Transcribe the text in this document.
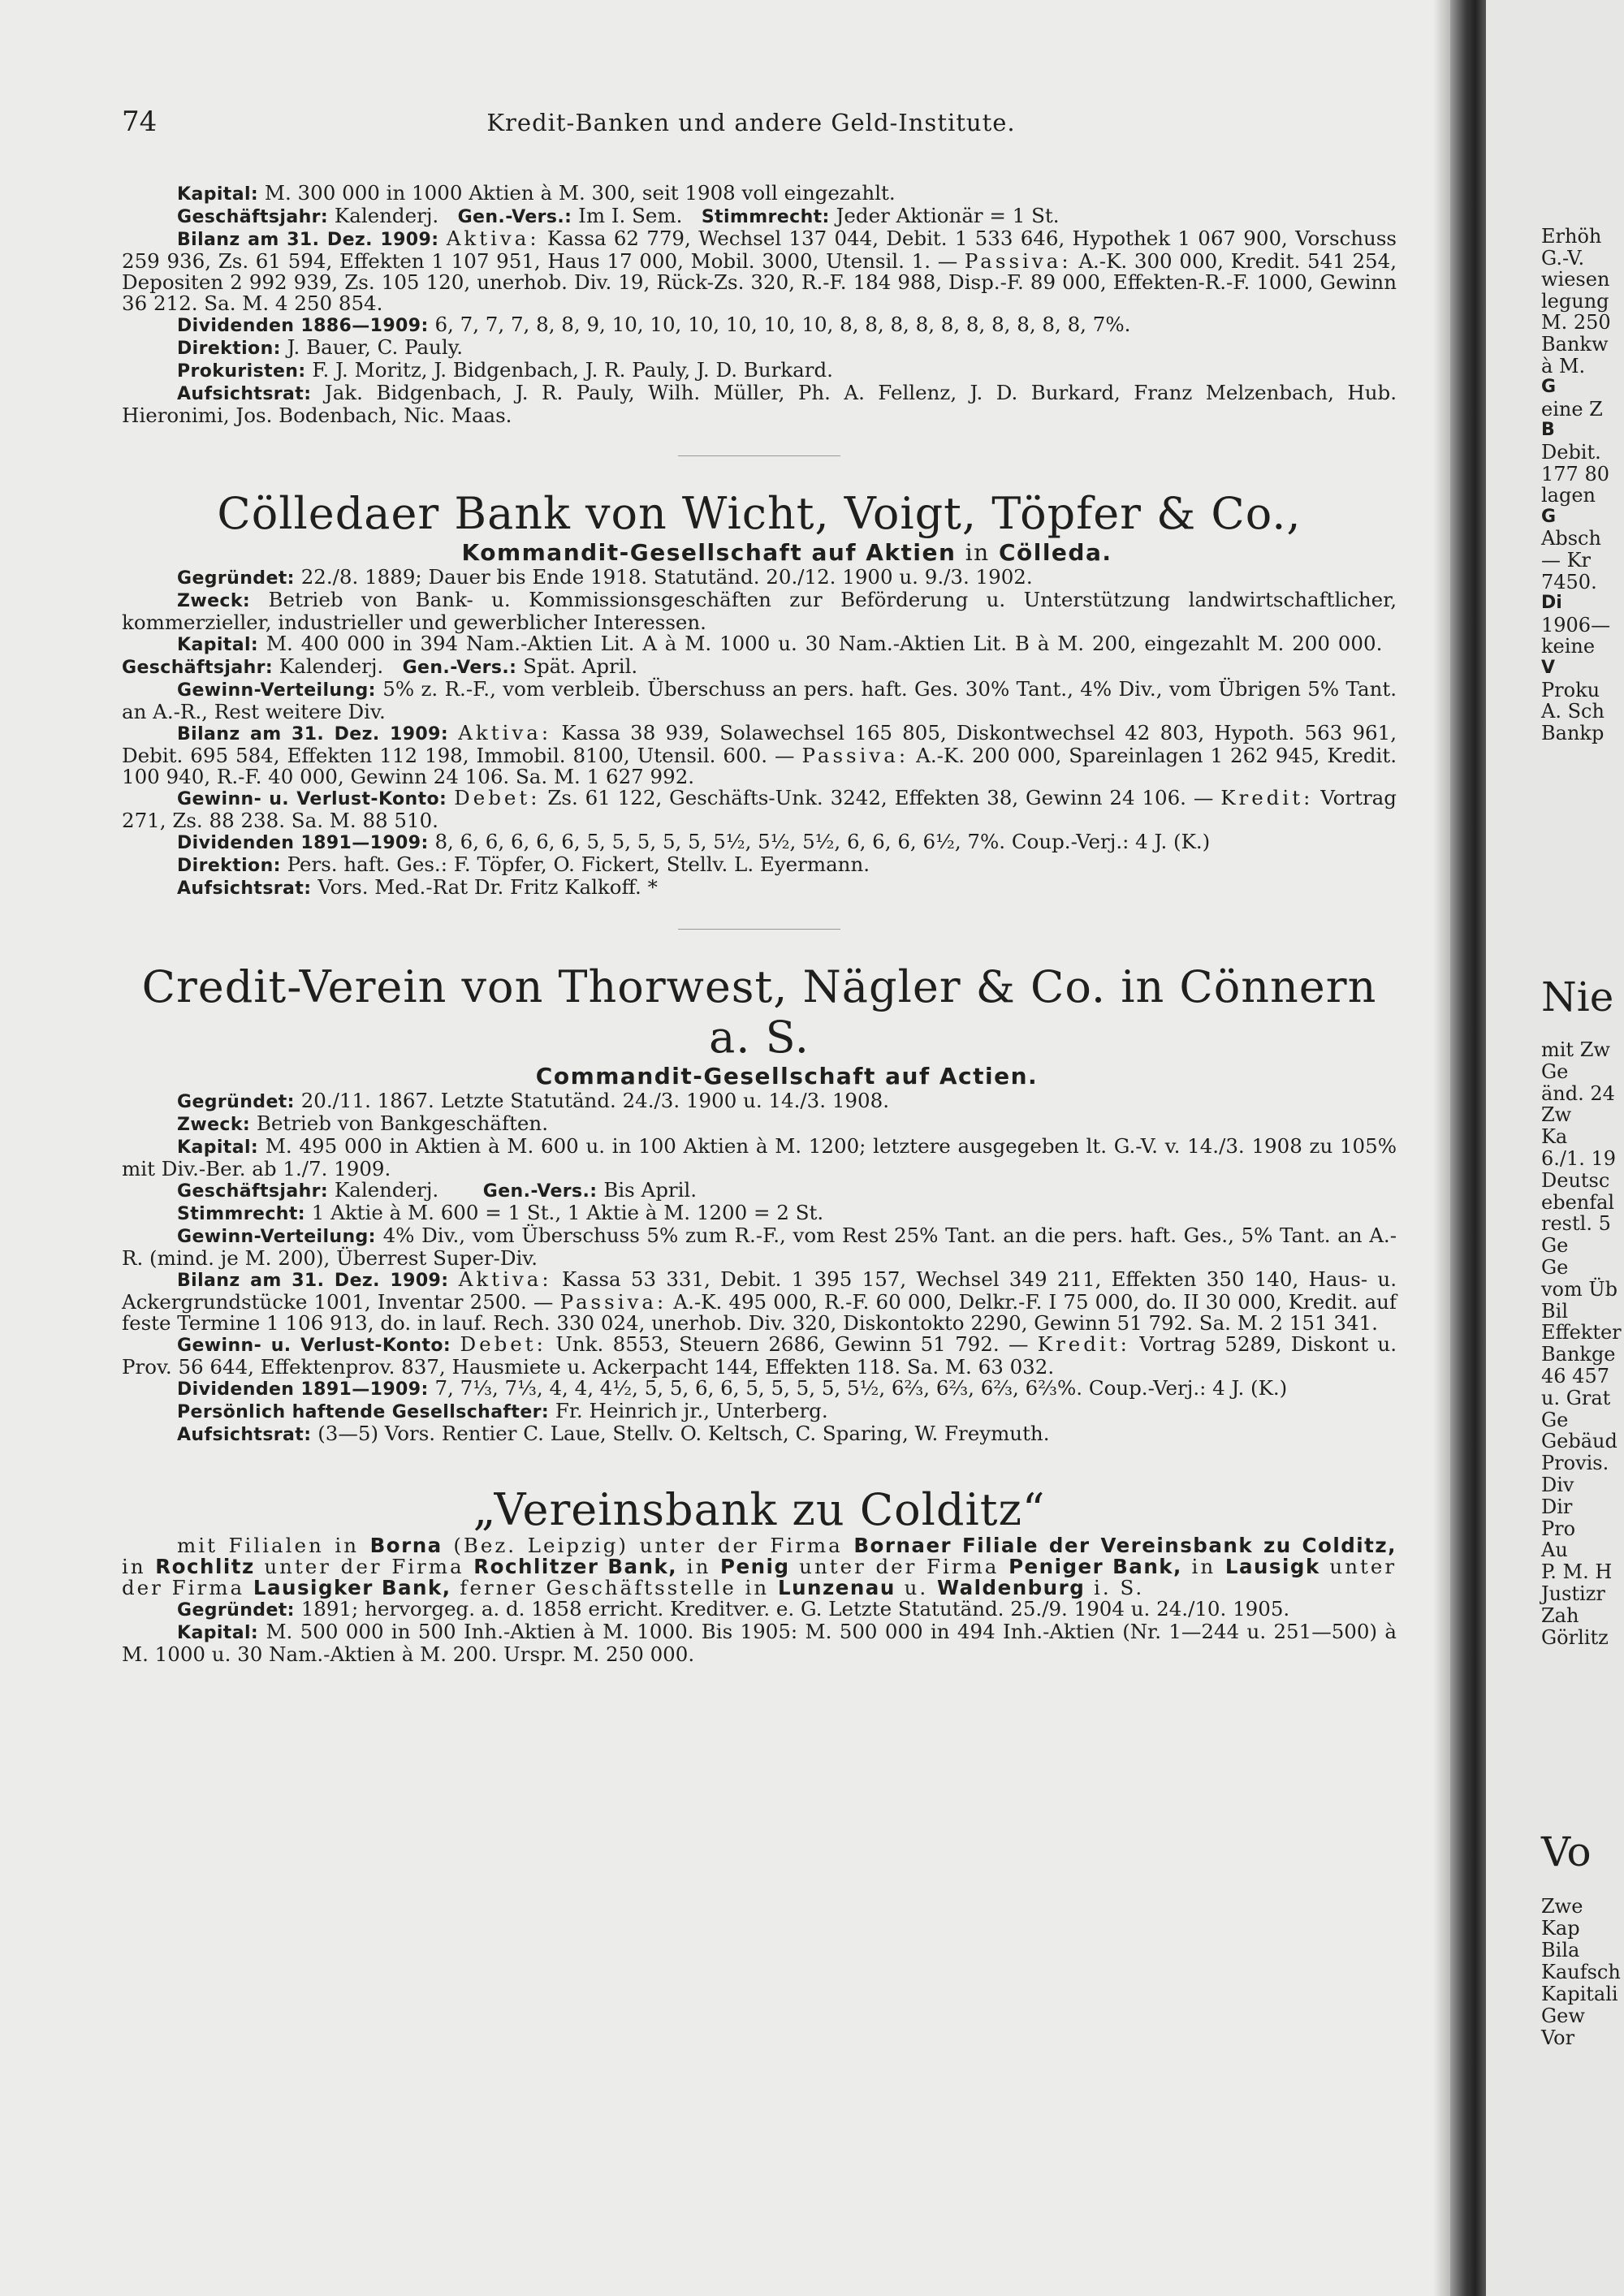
74	Kredit-Banken und andere Geld-Institute.

Kapital: M. 300 000 in 1000 Aktien à M. 300, seit 1908 voll eingezahlt.

Geschäftsjahr: Kalenderj. Gen.-Vers.: Im I. Sem. Stimmrecht: Jeder Aktionär = 1 St.

Bilanz am 31. Dez. 1909: Aktiva: Kassa 62 779, Wechsel 137 044, Debit. 1 533 646, Hypothek 1 067 900, Vorschuss 259 936, Zs. 61 594, Effekten 1 107 951, Haus 17 000, Mobil. 3000, Utensil. 1. — Passiva: A.-K. 300 000, Kredit. 541 254, Depositen 2 992 939, Zs. 105 120, unerhob. Div. 19, Rück-Zs. 320, R.-F. 184 988, Disp.-F. 89 000, Effekten-R.-F. 1000, Gewinn 36 212. Sa. M. 4 250 854.

Dividenden 1886—1909: 6, 7, 7, 7, 8, 8, 9, 10, 10, 10, 10, 10, 10, 8, 8, 8, 8, 8, 8, 8, 8, 8, 8, 7%.

Direktion: J. Bauer, C. Pauly.

Prokuristen: F. J. Moritz, J. Bidgenbach, J. R. Pauly, J. D. Burkard.

Aufsichtsrat: Jak. Bidgenbach, J. R. Pauly, Wilh. Müller, Ph. A. Fellenz, J. D. Burkard, Franz Melzenbach, Hub. Hieronimi, Jos. Bodenbach, Nic. Maas.

Cölledaer Bank von Wicht, Voigt, Töpfer & Co.,

Kommandit-Gesellschaft auf Aktien in Cölleda.

Gegründet: 22./8. 1889; Dauer bis Ende 1918. Statutänd. 20./12. 1900 u. 9./3. 1902.

Zweck: Betrieb von Bank- u. Kommissionsgeschäften zur Beförderung u. Unterstützung landwirtschaftlicher, kommerzieller, industrieller und gewerblicher Interessen.

Kapital: M. 400 000 in 394 Nam.-Aktien Lit. A à M. 1000 u. 30 Nam.-Aktien Lit. B à M. 200, eingezahlt M. 200 000.   Geschäftsjahr: Kalenderj. Gen.-Vers.: Spät. April.

Gewinn-Verteilung: 5% z. R.-F., vom verbleib. Überschuss an pers. haft. Ges. 30% Tant., 4% Div., vom Übrigen 5% Tant. an A.-R., Rest weitere Div.

Bilanz am 31. Dez. 1909: Aktiva: Kassa 38 939, Solawechsel 165 805, Diskontwechsel 42 803, Hypoth. 563 961, Debit. 695 584, Effekten 112 198, Immobil. 8100, Utensil. 600. — Passiva: A.-K. 200 000, Spareinlagen 1 262 945, Kredit. 100 940, R.-F. 40 000, Gewinn 24 106. Sa. M. 1 627 992.

Gewinn- u. Verlust-Konto: Debet: Zs. 61 122, Geschäfts-Unk. 3242, Effekten 38, Gewinn 24 106. — Kredit: Vortrag 271, Zs. 88 238. Sa. M. 88 510.

Dividenden 1891—1909: 8, 6, 6, 6, 6, 6, 5, 5, 5, 5, 5, 5½, 5½, 5½, 6, 6, 6, 6½, 7%. Coup.-Verj.: 4 J. (K.)

Direktion: Pers. haft. Ges.: F. Töpfer, O. Fickert, Stellv. L. Eyermann.

Aufsichtsrat: Vors. Med.-Rat Dr. Fritz Kalkoff. *

Credit-Verein von Thorwest, Nägler & Co. in Cönnern a. S.

Commandit-Gesellschaft auf Actien.

Gegründet: 20./11. 1867. Letzte Statutänd. 24./3. 1900 u. 14./3. 1908.

Zweck: Betrieb von Bankgeschäften.

Kapital: M. 495 000 in Aktien à M. 600 u. in 100 Aktien à M. 1200; letztere ausgegeben lt. G.-V. v. 14./3. 1908 zu 105% mit Div.-Ber. ab 1./7. 1909.

Geschäftsjahr: Kalenderj. Gen.-Vers.: Bis April.

Stimmrecht: 1 Aktie à M. 600 = 1 St., 1 Aktie à M. 1200 = 2 St.

Gewinn-Verteilung: 4% Div., vom Überschuss 5% zum R.-F., vom Rest 25% Tant. an die pers. haft. Ges., 5% Tant. an A.-R. (mind. je M. 200), Überrest Super-Div.

Bilanz am 31. Dez. 1909: Aktiva: Kassa 53 331, Debit. 1 395 157, Wechsel 349 211, Effekten 350 140, Haus- u. Ackergrundstücke 1001, Inventar 2500. — Passiva: A.-K. 495 000, R.-F. 60 000, Delkr.-F. I 75 000, do. II 30 000, Kredit. auf feste Termine 1 106 913, do. in lauf. Rech. 330 024, unerhob. Div. 320, Diskontokto 2290, Gewinn 51 792. Sa. M. 2 151 341.

Gewinn- u. Verlust-Konto: Debet: Unk. 8553, Steuern 2686, Gewinn 51 792. — Kredit: Vortrag 5289, Diskont u. Prov. 56 644, Effektenprov. 837, Hausmiete u. Ackerpacht 144, Effekten 118. Sa. M. 63 032.

Dividenden 1891—1909: 7, 7⅓, 7⅓, 4, 4, 4½, 5, 5, 6, 6, 5, 5, 5, 5, 5½, 6⅔, 6⅔, 6⅔, 6⅔%. Coup.-Verj.: 4 J. (K.)

Persönlich haftende Gesellschafter: Fr. Heinrich jr., Unterberg.

Aufsichtsrat: (3—5) Vors. Rentier C. Laue, Stellv. O. Keltsch, C. Sparing, W. Freymuth.

„Vereinsbank zu Colditz“

mit Filialen in Borna (Bez. Leipzig) unter der Firma Bornaer Filiale der Vereinsbank zu Colditz, in Rochlitz unter der Firma Rochlitzer Bank, in Penig unter der Firma Peniger Bank, in Lausigk unter der Firma Lausigker Bank, ferner Geschäftsstelle in Lunzenau u. Waldenburg i. S.

Gegründet: 1891; hervorgeg. a. d. 1858 erricht. Kreditver. e. G. Letzte Statutänd. 25./9. 1904 u. 24./10. 1905.

Kapital: M. 500 000 in 500 Inh.-Aktien à M. 1000. Bis 1905: M. 500 000 in 494 Inh.-Aktien (Nr. 1—244 u. 251—500) à M. 1000 u. 30 Nam.-Aktien à M. 200. Urspr. M. 250 000.

Erhöh
G.-V.
wiesen
legung
M. 250
Bankw
à M.
G
eine Z
B
Debit.
177 80
lagen
G
Absch
— Kr
7450.
Di
1906—
keine
V
Proku
A. Sch
Bankp
Nie
mit Zw
Ge
änd. 24
Zw
Ka
6./1. 19
Deutsc
ebenfal
restl. 5
Ge
Ge
vom Üb
Bil
Effekter
Bankge
46 457
u. Grat
Ge
Gebäud
Provis.
Div
Dir
Pro
Au
P. M. H
Justizr
Zah
Görlitz
Vo
Zwe
Kap
Bila
Kaufsch
Kapitali
Gew
Vor
